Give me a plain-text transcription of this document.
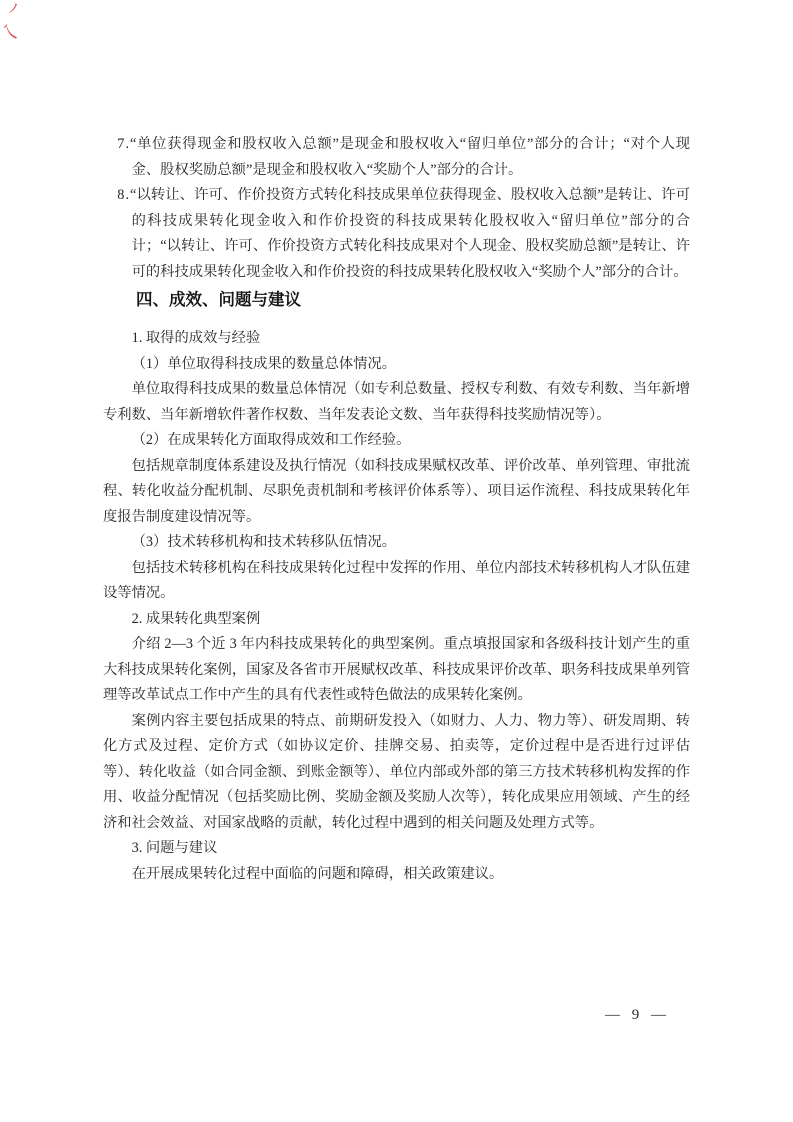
ノ
乀

7.“单位获得现金和股权收入总额”是现金和股权收入“留归单位”部分的合计；“对个人现金、股权奖励总额”是现金和股权收入“奖励个人”部分的合计。

8.“以转让、许可、作价投资方式转化科技成果单位获得现金、股权收入总额”是转让、许可的科技成果转化现金收入和作价投资的科技成果转化股权收入“留归单位”部分的合计；“以转让、许可、作价投资方式转化科技成果对个人现金、股权奖励总额”是转让、许可的科技成果转化现金收入和作价投资的科技成果转化股权收入“奖励个人”部分的合计。

四、成效、问题与建议

1. 取得的成效与经验

（1）单位取得科技成果的数量总体情况。

单位取得科技成果的数量总体情况（如专利总数量、授权专利数、有效专利数、当年新增专利数、当年新增软件著作权数、当年发表论文数、当年获得科技奖励情况等）。

（2）在成果转化方面取得成效和工作经验。

包括规章制度体系建设及执行情况（如科技成果赋权改革、评价改革、单列管理、审批流程、转化收益分配机制、尽职免责机制和考核评价体系等）、项目运作流程、科技成果转化年度报告制度建设情况等。

（3）技术转移机构和技术转移队伍情况。

包括技术转移机构在科技成果转化过程中发挥的作用、单位内部技术转移机构人才队伍建设等情况。

2. 成果转化典型案例

介绍 2—3 个近 3 年内科技成果转化的典型案例。重点填报国家和各级科技计划产生的重大科技成果转化案例，国家及各省市开展赋权改革、科技成果评价改革、职务科技成果单列管理等改革试点工作中产生的具有代表性或特色做法的成果转化案例。

案例内容主要包括成果的特点、前期研发投入（如财力、人力、物力等）、研发周期、转化方式及过程、定价方式（如协议定价、挂牌交易、拍卖等，定价过程中是否进行过评估等）、转化收益（如合同金额、到账金额等）、单位内部或外部的第三方技术转移机构发挥的作用、收益分配情况（包括奖励比例、奖励金额及奖励人次等），转化成果应用领域、产生的经济和社会效益、对国家战略的贡献，转化过程中遇到的相关问题及处理方式等。

3. 问题与建议

在开展成果转化过程中面临的问题和障碍，相关政策建议。

— 9 —
